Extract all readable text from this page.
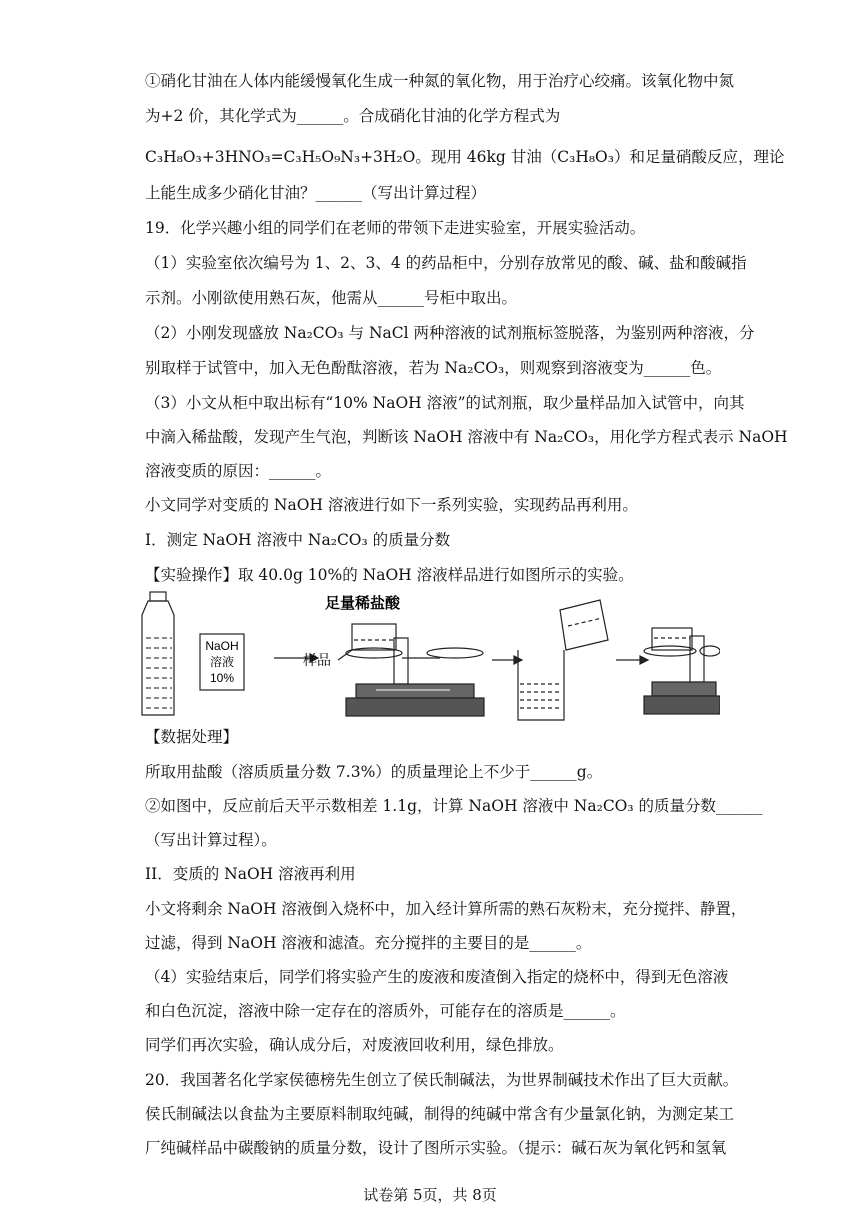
①硝化甘油在人体内能缓慢氧化生成一种氮的氧化物，用于治疗心绞痛。该氧化物中氮
为+2 价，其化学式为______。合成硝化甘油的化学方程式为
C₃H₈O₃+3HNO₃=C₃H₅O₉N₃+3H₂O。现用 46kg 甘油（C₃H₈O₃）和足量硝酸反应，理论
上能生成多少硝化甘油？______（写出计算过程）
19．化学兴趣小组的同学们在老师的带领下走进实验室，开展实验活动。
（1）实验室依次编号为 1、2、3、4 的药品柜中，分别存放常见的酸、碱、盐和酸碱指
示剂。小刚欲使用熟石灰，他需从______号柜中取出。
（2）小刚发现盛放 Na₂CO₃ 与 NaCl 两种溶液的试剂瓶标签脱落，为鉴别两种溶液，分
别取样于试管中，加入无色酚酞溶液，若为 Na₂CO₃，则观察到溶液变为______色。
（3）小文从柜中取出标有“10% NaOH 溶液”的试剂瓶，取少量样品加入试管中，向其
中滴入稀盐酸，发现产生气泡，判断该 NaOH 溶液中有 Na₂CO₃，用化学方程式表示 NaOH
溶液变质的原因：______。
小文同学对变质的 NaOH 溶液进行如下一系列实验，实现药品再利用。
I．测定 NaOH 溶液中 Na₂CO₃ 的质量分数
【实验操作】取 40.0g 10%的 NaOH 溶液样品进行如图所示的实验。
NaOH
溶液
10%
足量稀盐酸
样品
【数据处理】
所取用盐酸（溶质质量分数 7.3%）的质量理论上不少于______g。
②如图中，反应前后天平示数相差 1.1g，计算 NaOH 溶液中 Na₂CO₃ 的质量分数______
（写出计算过程）。
II．变质的 NaOH 溶液再利用
小文将剩余 NaOH 溶液倒入烧杯中，加入经计算所需的熟石灰粉末，充分搅拌、静置，
过滤，得到 NaOH 溶液和滤渣。充分搅拌的主要目的是______。
（4）实验结束后，同学们将实验产生的废液和废渣倒入指定的烧杯中，得到无色溶液
和白色沉淀，溶液中除一定存在的溶质外，可能存在的溶质是______。
同学们再次实验，确认成分后，对废液回收利用，绿色排放。
20．我国著名化学家侯德榜先生创立了侯氏制碱法，为世界制碱技术作出了巨大贡献。
侯氏制碱法以食盐为主要原料制取纯碱，制得的纯碱中常含有少量氯化钠，为测定某工
厂纯碱样品中碳酸钠的质量分数，设计了图所示实验。（提示：碱石灰为氧化钙和氢氧
试卷第 5页，共 8页
